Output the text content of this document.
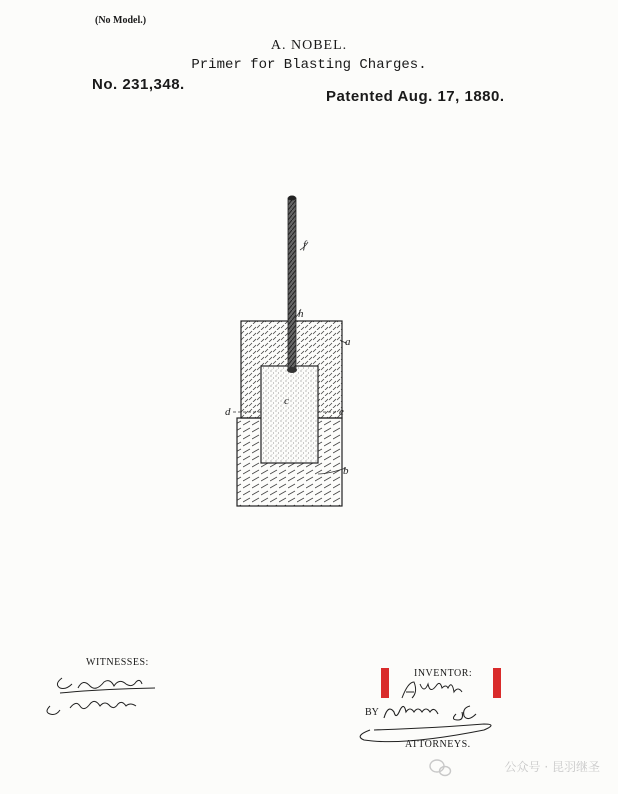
(No Model.)
A. NOBEL.
Primer for Blasting Charges.
No. 231,348.
Patented Aug. 17, 1880.
f
h
a
c
d	e
b
WITNESSES:
INVENTOR:
BY
ATTORNEYS.
公众号 · 昆羽继圣
